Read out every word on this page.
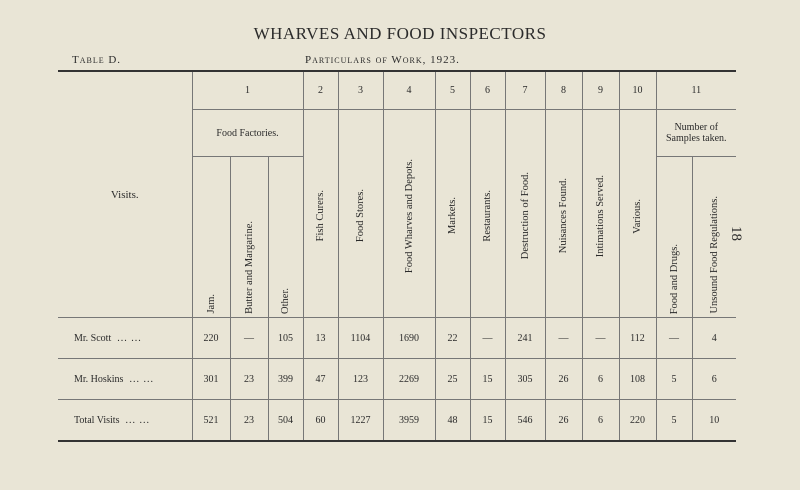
WHARVES AND FOOD INSPECTORS
Table D.	Particulars of Work, 1923.
18
Visits.	1			2	3	4	5	6	7	8	9	10	11	
	Food Factories.			Fish Curers.	Food Stores.	Food Wharves and Depots.	Markets.	Restaurants.	Destruction of Food.	Nuisances Found.	Intimations Served.	Various.	Number of Samples taken.	
	Jam.	Butter and Margarine.	Other.										Food and Drugs.	Unsound Food Regulations.
Mr. Scott ... ...	220	—	105	13	1104	1690	22	—	241	—	—	112	—	4
Mr. Hoskins ... ...	301	23	399	47	123	2269	25	15	305	26	6	108	5	6
Total Visits ... ...	521	23	504	60	1227	3959	48	15	546	26	6	220	5	10
